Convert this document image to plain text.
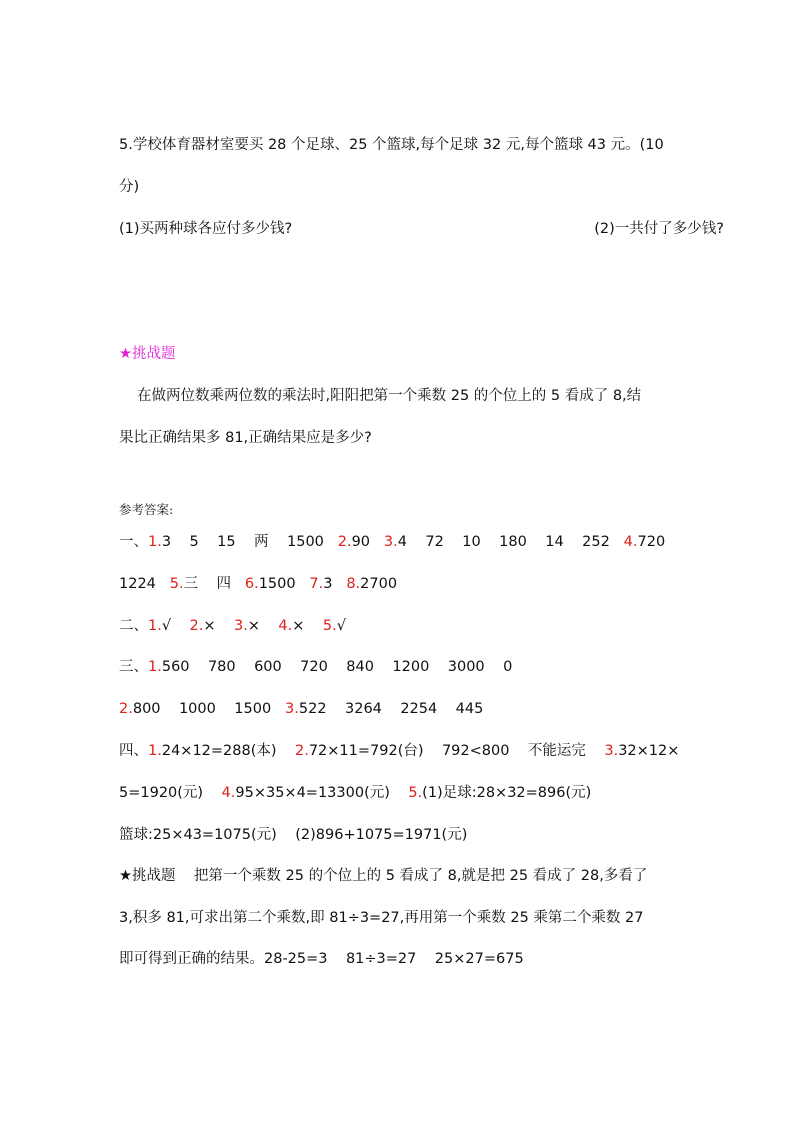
5.学校体育器材室要买 28 个足球、25 个篮球,每个足球 32 元,每个篮球 43 元。(10
分)
(1)买两种球各应付多少钱?	(2)一共付了多少钱?
★挑战题
在做两位数乘两位数的乘法时,阳阳把第一个乘数 25 的个位上的 5 看成了 8,结
果比正确结果多 81,正确结果应是多少?
参考答案:
一、1.3    5    15    两    1500   2.90   3.4    72    10    180    14    252   4.720
1224   5.三    四   6.1500   7.3   8.2700
二、1.√    2.×    3.×    4.×    5.√
三、1.560    780    600    720    840    1200    3000    0
2.800    1000    1500   3.522    3264    2254    445
四、1.24×12=288(本)    2.72×11=792(台)    792<800    不能运完    3.32×12×
5=1920(元)    4.95×35×4=13300(元)    5.(1)足球:28×32=896(元)
篮球:25×43=1075(元)    (2)896+1075=1971(元)
★挑战题    把第一个乘数 25 的个位上的 5 看成了 8,就是把 25 看成了 28,多看了
3,积多 81,可求出第二个乘数,即 81÷3=27,再用第一个乘数 25 乘第二个乘数 27
即可得到正确的结果。28-25=3    81÷3=27    25×27=675
